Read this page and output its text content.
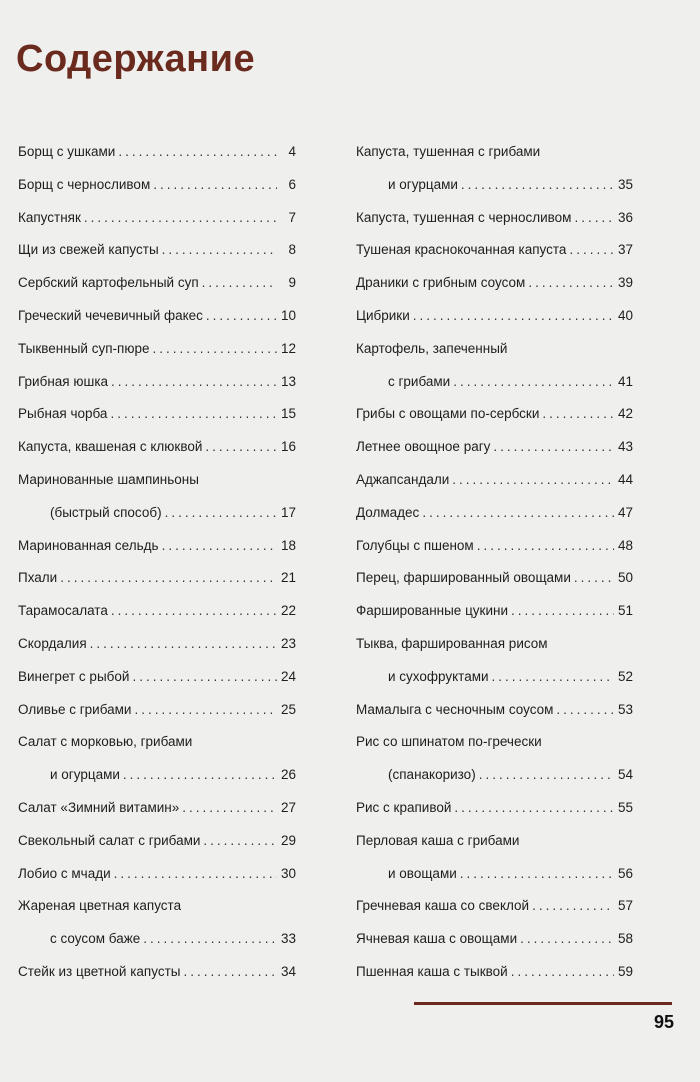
Содержание
Борщ с ушками .....	4
Борщ с черносливом .....	6
Капустняк .....	7
Щи из свежей капусты .....	8
Сербский картофельный суп .....	9
Греческий чечевичный факес .....	10
Тыквенный суп-пюре .....	12
Грибная юшка .....	13
Рыбная чорба .....	15
Капуста, квашеная с клюквой .....	16
Маринованные шампиньоны
(быстрый способ) .....	17
Маринованная сельдь .....	18
Пхали .....	21
Тарамосалата .....	22
Скордалия .....	23
Винегрет с рыбой .....	24
Оливье с грибами .....	25
Салат с морковью, грибами
и огурцами .....	26
Салат «Зимний витамин» .....	27
Свекольный салат с грибами .....	29
Лобио с мчади .....	30
Жареная цветная капуста
с соусом баже .....	33
Стейк из цветной капусты .....	34
Капуста, тушенная с грибами
и огурцами .....	35
Капуста, тушенная с черносливом .....	36
Тушеная краснокочанная капуста .....	37
Драники с грибным соусом .....	39
Цибрики .....	40
Картофель, запеченный
с грибами .....	41
Грибы с овощами по-сербски .....	42
Летнее овощное рагу .....	43
Аджапсандали .....	44
Долмадес .....	47
Голубцы с пшеном .....	48
Перец, фаршированный овощами .....	50
Фаршированные цукини .....	51
Тыква, фаршированная рисом
и сухофруктами .....	52
Мамалыга с чесночным соусом .....	53
Рис со шпинатом по-гречески
(спанакоризо) .....	54
Рис с крапивой .....	55
Перловая каша с грибами
и овощами .....	56
Гречневая каша со свеклой .....	57
Ячневая каша с овощами .....	58
Пшенная каша с тыквой .....	59
95
